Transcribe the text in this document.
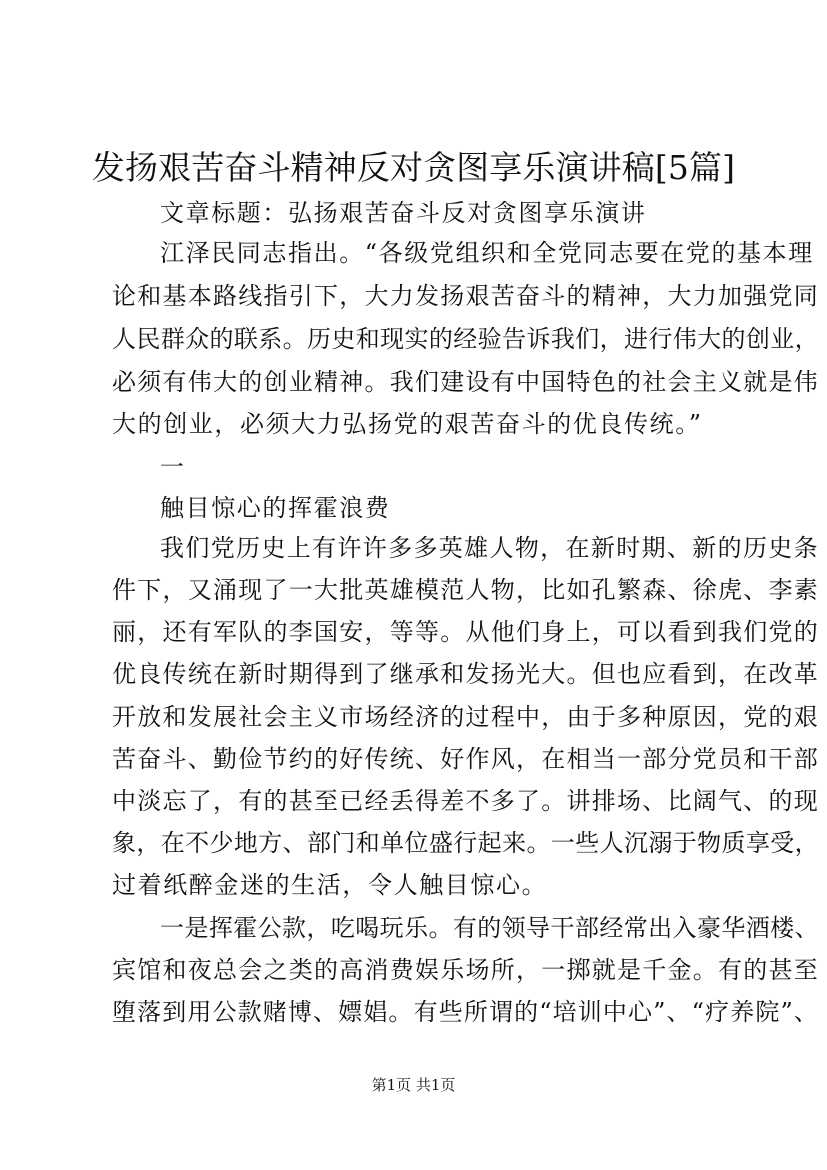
发扬艰苦奋斗精神反对贪图享乐演讲稿[5篇]
文章标题：弘扬艰苦奋斗反对贪图享乐演讲
江泽民同志指出。“各级党组织和全党同志要在党的基本理
论和基本路线指引下，大力发扬艰苦奋斗的精神，大力加强党同
人民群众的联系。历史和现实的经验告诉我们，进行伟大的创业，
必须有伟大的创业精神。我们建设有中国特色的社会主义就是伟
大的创业，必须大力弘扬党的艰苦奋斗的优良传统。”
一
触目惊心的挥霍浪费
我们党历史上有许许多多英雄人物，在新时期、新的历史条
件下，又涌现了一大批英雄模范人物，比如孔繁森、徐虎、李素
丽，还有军队的李国安，等等。从他们身上，可以看到我们党的
优良传统在新时期得到了继承和发扬光大。但也应看到，在改革
开放和发展社会主义市场经济的过程中，由于多种原因，党的艰
苦奋斗、勤俭节约的好传统、好作风，在相当一部分党员和干部
中淡忘了，有的甚至已经丢得差不多了。讲排场、比阔气、的现
象，在不少地方、部门和单位盛行起来。一些人沉溺于物质享受，
过着纸醉金迷的生活，令人触目惊心。
一是挥霍公款，吃喝玩乐。有的领导干部经常出入豪华酒楼、
宾馆和夜总会之类的高消费娱乐场所，一掷就是千金。有的甚至
堕落到用公款赌博、嫖娼。有些所谓的“培训中心”、“疗养院”、
第1页 共1页
